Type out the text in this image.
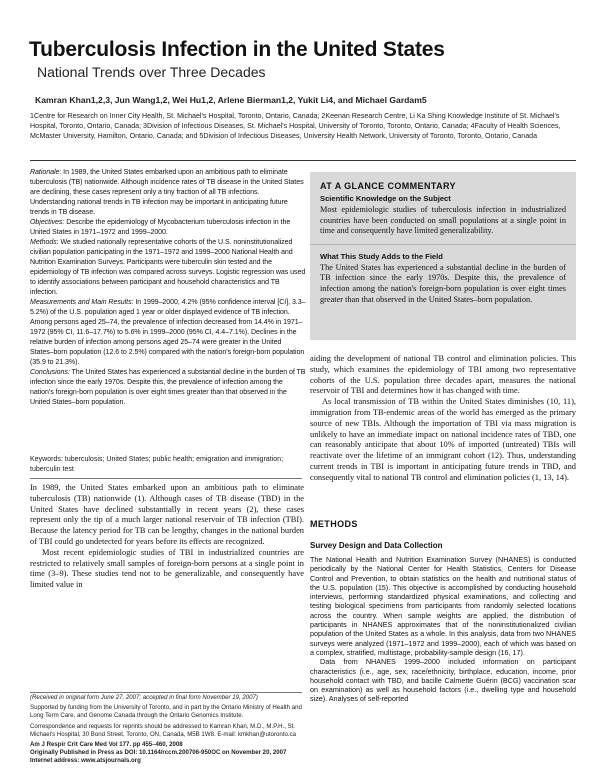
Tuberculosis Infection in the United States
National Trends over Three Decades
Kamran Khan1,2,3, Jun Wang1,2, Wei Hu1,2, Arlene Bierman1,2, Yukit Li4, and Michael Gardam5
1Centre for Research on Inner City Health, St. Michael's Hospital, Toronto, Ontario, Canada; 2Keenan Research Centre, Li Ka Shing Knowledge Institute of St. Michael's Hospital, Toronto, Ontario, Canada; 3Division of Infectious Diseases, St. Michael's Hospital, University of Toronto, Toronto, Ontario, Canada; 4Faculty of Health Sciences, McMaster University, Hamilton, Ontario, Canada; and 5Division of Infectious Diseases, University Health Network, University of Toronto, Toronto, Ontario, Canada

Rationale: In 1989, the United States embarked upon an ambitious path to eliminate tuberculosis (TB) nationwide. Although incidence rates of TB disease in the United States are declining, these cases represent only a tiny fraction of all TB infections. Understanding national trends in TB infection may be important in anticipating future trends in TB disease.

Objectives: Describe the epidemiology of Mycobacterium tuberculosis infection in the United States in 1971–1972 and 1999–2000.

Methods: We studied nationally representative cohorts of the U.S. noninstitutionalized civilian population participating in the 1971–1972 and 1999–2000 National Health and Nutrition Examination Surveys. Participants were tuberculin skin tested and the epidemiology of TB infection was compared across surveys. Logistic regression was used to identify associations between participant and household characteristics and TB infection.

Measurements and Main Results: In 1999–2000, 4.2% (95% confidence interval [CI], 3.3–5.2%) of the U.S. population aged 1 year or older displayed evidence of TB infection. Among persons aged 25–74, the prevalence of infection decreased from 14.4% in 1971–1972 (95% CI, 11.6–17.7%) to 5.6% in 1999–2000 (95% CI, 4.4–7.1%). Declines in the relative burden of infection among persons aged 25–74 were greater in the United States–born population (12.6 to 2.5%) compared with the nation's foreign-born population (35.9 to 21.3%).

Conclusions: The United States has experienced a substantial decline in the burden of TB infection since the early 1970s. Despite this, the prevalence of infection among the nation's foreign-born population is over eight times greater than that observed in the United States–born population.

Keywords: tuberculosis; United States; public health; emigration and immigration; tuberculin test

In 1989, the United States embarked upon an ambitious path to eliminate tuberculosis (TB) nationwide (1). Although cases of TB disease (TBD) in the United States have declined substantially in recent years (2), these cases represent only the tip of a much larger national reservoir of TB infection (TBI). Because the latency period for TB can be lengthy, changes in the national burden of TBI could go undetected for years before its effects are recognized.

Most recent epidemiologic studies of TBI in industrialized countries are restricted to relatively small samples of foreign-born persons at a single point in time (3–9). These studies tend not to be generalizable, and consequently have limited value in

AT A GLANCE COMMENTARY
Scientific Knowledge on the Subject
Most epidemiologic studies of tuberculosis infection in industrialized countries have been conducted on small populations at a single point in time and consequently have limited generalizability.
What This Study Adds to the Field
The United States has experienced a substantial decline in the burden of TB infection since the early 1970s. Despite this, the prevalence of infection among the nation's foreign-born population is over eight times greater than that observed in the United States–born population.

aiding the development of national TB control and elimination policies. This study, which examines the epidemiology of TBI among two representative cohorts of the U.S. population three decades apart, measures the national reservoir of TBI and determines how it has changed with time.

As local transmission of TB within the United States diminishes (10, 11), immigration from TB-endemic areas of the world has emerged as the primary source of new TBIs. Although the importation of TBI via mass migration is unlikely to have an immediate impact on national incidence rates of TBD, one can reasonably anticipate that about 10% of imported (untreated) TBIs will reactivate over the lifetime of an immigrant cohort (12). Thus, understanding current trends in TBI is important in anticipating future trends in TBD, and consequently vital to national TB control and elimination policies (1, 13, 14).

METHODS
Survey Design and Data Collection

The National Health and Nutrition Examination Survey (NHANES) is conducted periodically by the National Center for Health Statistics, Centers for Disease Control and Prevention, to obtain statistics on the health and nutritional status of the U.S. population (15). This objective is accomplished by conducting household interviews, performing standardized physical examinations, and collecting and testing biological specimens from participants from randomly selected locations across the country. When sample weights are applied, the distribution of participants in NHANES approximates that of the noninstitutionalized civilian population of the United States as a whole. In this analysis, data from two NHANES surveys were analyzed (1971–1972 and 1999–2000), each of which was based on a complex, stratified, multistage, probability-sample design (16, 17).

Data from NHANES 1999–2000 included information on participant characteristics (i.e., age, sex, race/ethnicity, birthplace, education, income, prior household contact with TBD, and bacille Calmette Guérin (BCG) vaccination scar on examination) as well as household factors (i.e., dwelling type and household size). Analyses of self-reported

(Received in original form June 27, 2007; accepted in final form November 19, 2007)

Supported by funding from the University of Toronto, and in part by the Ontario Ministry of Health and Long Term Care, and Genome Canada through the Ontario Genomics Institute.

Correspondence and requests for reprints should be addressed to Kamran Khan, M.D., M.P.H., St. Michael's Hospital, 30 Bond Street, Toronto, ON, Canada, M5B 1W8. E-mail: kmkhan@utoronto.ca

Am J Respir Crit Care Med Vol 177. pp 455–460, 2008

Originally Published in Press as DOI: 10.1164/rccm.200706-950OC on November 20, 2007

Internet address: www.atsjournals.org
